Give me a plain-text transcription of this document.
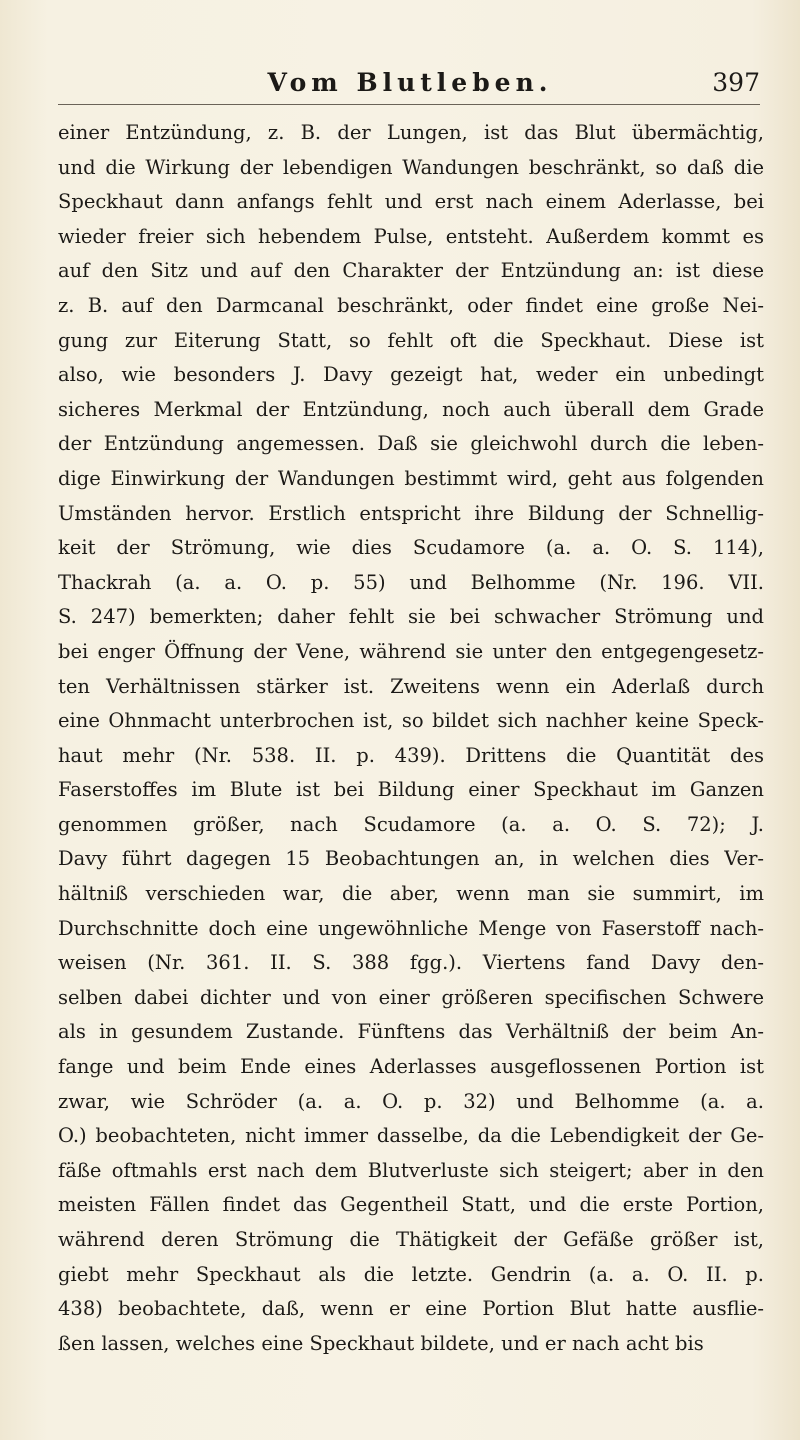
Vom Blutleben.	397
einer Entzündung, z. B. der Lungen, ist das Blut übermächtig,
und die Wirkung der lebendigen Wandungen beschränkt, so daß die
Speckhaut dann anfangs fehlt und erst nach einem Aderlasse, bei
wieder freier sich hebendem Pulse, entsteht. Außerdem kommt es
auf den Sitz und auf den Charakter der Entzündung an: ist diese
z. B. auf den Darmcanal beschränkt, oder findet eine große Nei-
gung zur Eiterung Statt, so fehlt oft die Speckhaut. Diese ist
also, wie besonders J. Davy gezeigt hat, weder ein unbedingt
sicheres Merkmal der Entzündung, noch auch überall dem Grade
der Entzündung angemessen. Daß sie gleichwohl durch die leben-
dige Einwirkung der Wandungen bestimmt wird, geht aus folgenden
Umständen hervor. Erstlich entspricht ihre Bildung der Schnellig-
keit der Strömung, wie dies Scudamore (a. a. O. S. 114),
Thackrah (a. a. O. p. 55) und Belhomme (Nr. 196. VII.
S. 247) bemerkten; daher fehlt sie bei schwacher Strömung und
bei enger Öffnung der Vene, während sie unter den entgegengesetz-
ten Verhältnissen stärker ist. Zweitens wenn ein Aderlaß durch
eine Ohnmacht unterbrochen ist, so bildet sich nachher keine Speck-
haut mehr (Nr. 538. II. p. 439). Drittens die Quantität des
Faserstoffes im Blute ist bei Bildung einer Speckhaut im Ganzen
genommen größer, nach Scudamore (a. a. O. S. 72); J.
Davy führt dagegen 15 Beobachtungen an, in welchen dies Ver-
hältniß verschieden war, die aber, wenn man sie summirt, im
Durchschnitte doch eine ungewöhnliche Menge von Faserstoff nach-
weisen (Nr. 361. II. S. 388 fgg.). Viertens fand Davy den-
selben dabei dichter und von einer größeren specifischen Schwere
als in gesundem Zustande. Fünftens das Verhältniß der beim An-
fange und beim Ende eines Aderlasses ausgeflossenen Portion ist
zwar, wie Schröder (a. a. O. p. 32) und Belhomme (a. a.
O.) beobachteten, nicht immer dasselbe, da die Lebendigkeit der Ge-
fäße oftmahls erst nach dem Blutverluste sich steigert; aber in den
meisten Fällen findet das Gegentheil Statt, und die erste Portion,
während deren Strömung die Thätigkeit der Gefäße größer ist,
giebt mehr Speckhaut als die letzte. Gendrin (a. a. O. II. p.
438) beobachtete, daß, wenn er eine Portion Blut hatte ausflie-
ßen lassen, welches eine Speckhaut bildete, und er nach acht bis
